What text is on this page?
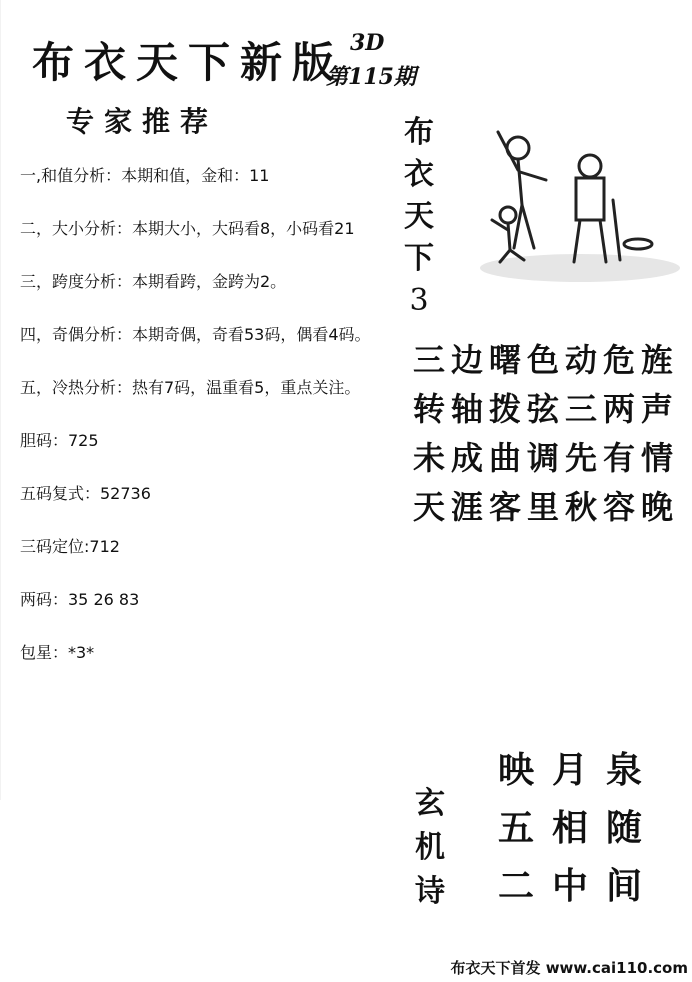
布衣天下新版 3D
第115期
专家推荐
一,和值分析：本期和值，金和：11
二，大小分析：本期大小，大码看8，小码看21
三，跨度分析：本期看跨，金跨为2。
四，奇偶分析：本期奇偶，奇看53码，偶看4码。
五，冷热分析：热有7码，温重看5，重点关注。
胆码：725
五码复式：52736
三码定位:712
两码：35 26 83
包星：*3*
布
衣
天
下
3
三边曙色动危旌
转轴拨弦三两声
未成曲调先有情
天涯客里秋容晚
玄
机
诗
映月泉
五相随
二中间
布衣天下首发 www.cai110.com
